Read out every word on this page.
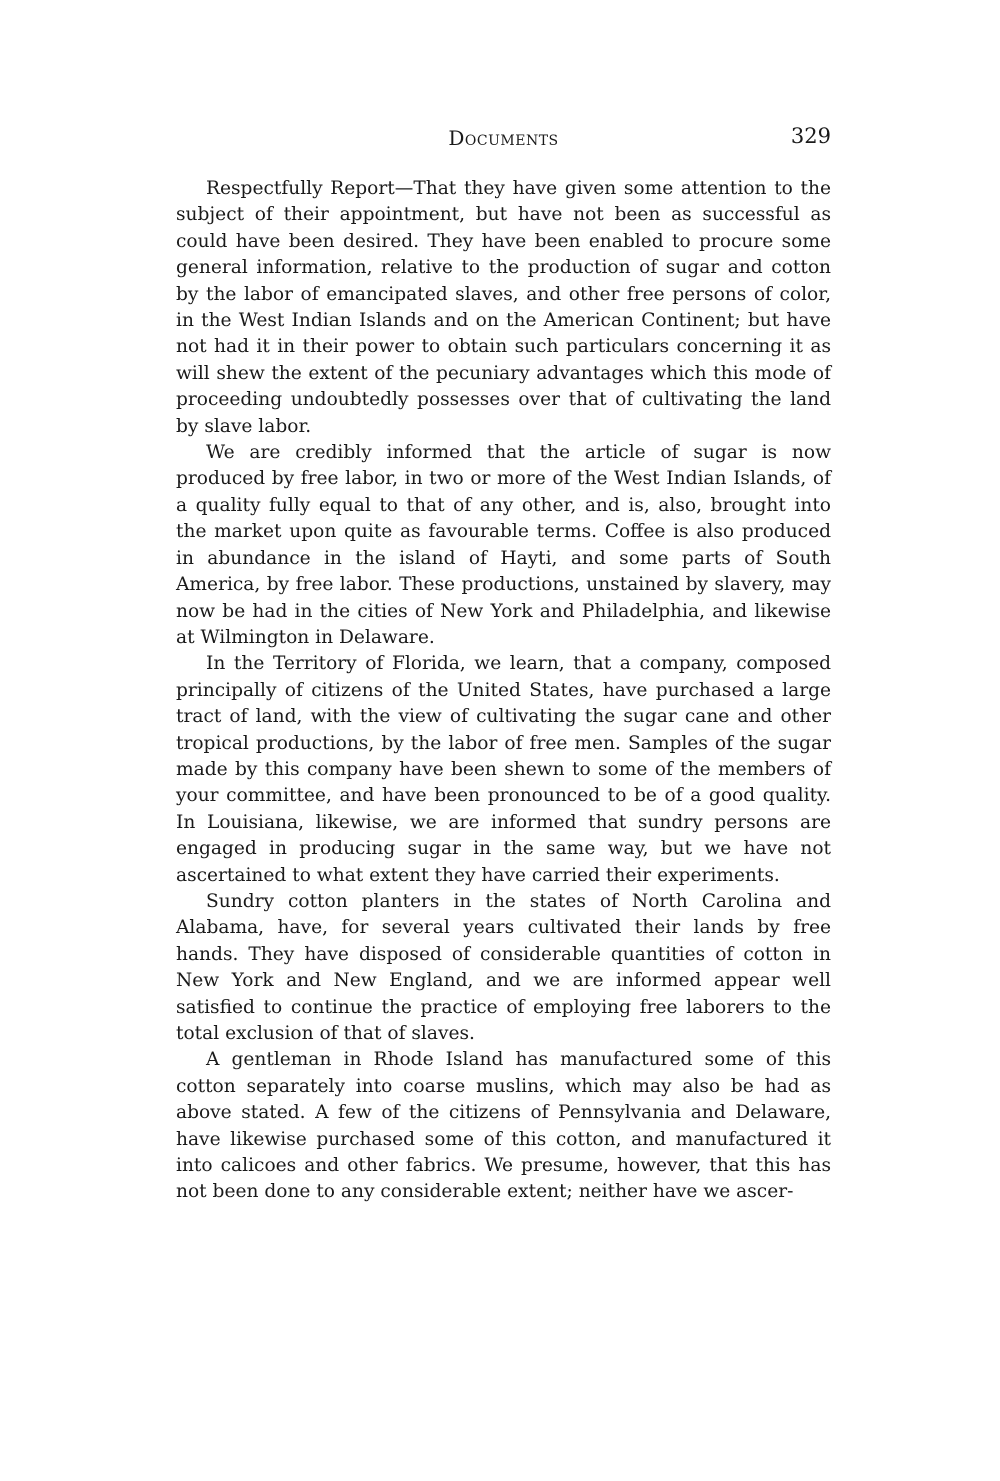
Documents	329

Respectfully Report—That they have given some attention to the subject of their appointment, but have not been as successful as could have been desired. They have been enabled to procure some general information, relative to the production of sugar and cotton by the labor of emancipated slaves, and other free persons of color, in the West Indian Islands and on the American Continent; but have not had it in their power to obtain such particulars concerning it as will shew the extent of the pecuniary advantages which this mode of proceeding undoubtedly possesses over that of cultivating the land by slave labor.

We are credibly informed that the article of sugar is now produced by free labor, in two or more of the West Indian Islands, of a quality fully equal to that of any other, and is, also, brought into the market upon quite as favourable terms. Coffee is also produced in abundance in the island of Hayti, and some parts of South America, by free labor. These productions, unstained by slavery, may now be had in the cities of New York and Philadelphia, and likewise at Wilmington in Delaware.

In the Territory of Florida, we learn, that a company, composed principally of citizens of the United States, have purchased a large tract of land, with the view of cultivating the sugar cane and other tropical productions, by the labor of free men. Samples of the sugar made by this company have been shewn to some of the members of your committee, and have been pronounced to be of a good quality. In Louisiana, likewise, we are informed that sundry persons are engaged in producing sugar in the same way, but we have not ascertained to what extent they have carried their experiments.

Sundry cotton planters in the states of North Carolina and Alabama, have, for several years cultivated their lands by free hands. They have disposed of considerable quantities of cotton in New York and New England, and we are informed appear well satisfied to continue the practice of employing free laborers to the total exclusion of that of slaves.

A gentleman in Rhode Island has manufactured some of this cotton separately into coarse muslins, which may also be had as above stated. A few of the citizens of Pennsylvania and Delaware, have likewise purchased some of this cotton, and manufactured it into calicoes and other fabrics. We presume, however, that this has not been done to any considerable extent; neither have we ascer-
